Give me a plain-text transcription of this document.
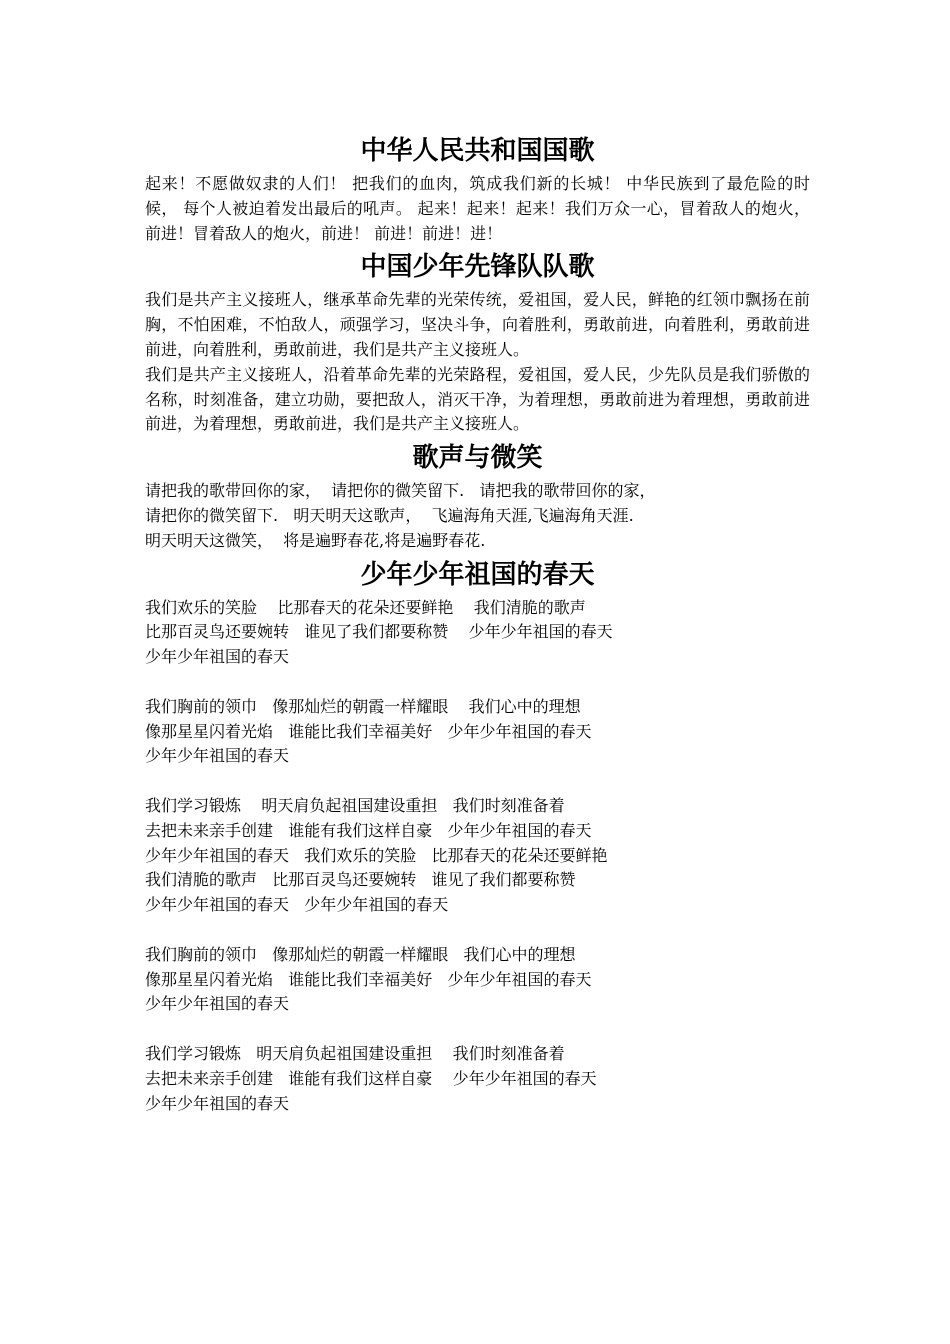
中华人民共和国国歌

起来！不愿做奴隶的人们！ 把我们的血肉，筑成我们新的长城！ 中华民族到了最危险的时候， 每个人被迫着发出最后的吼声。 起来！起来！起来！我们万众一心，冒着敌人的炮火，前进！冒着敌人的炮火，前进！ 前进！前进！进！

中国少年先锋队队歌

我们是共产主义接班人，继承革命先辈的光荣传统，爱祖国，爱人民，鲜艳的红领巾飘扬在前胸，不怕困难，不怕敌人，顽强学习，坚决斗争，向着胜利，勇敢前进，向着胜利，勇敢前进前进，向着胜利，勇敢前进，我们是共产主义接班人。

我们是共产主义接班人，沿着革命先辈的光荣路程，爱祖国，爱人民，少先队员是我们骄傲的名称，时刻准备，建立功勋，要把敌人，消灭干净，为着理想，勇敢前进为着理想，勇敢前进前进，为着理想，勇敢前进，我们是共产主义接班人。

歌声与微笑
请把我的歌带回你的家，  请把你的微笑留下.   请把我的歌带回你的家，
请把你的微笑留下.   明天明天这歌声，  飞遍海角天涯,飞遍海角天涯.
明天明天这微笑，  将是遍野春花,将是遍野春花.
少年少年祖国的春天
我们欢乐的笑脸    比那春天的花朵还要鲜艳    我们清脆的歌声
比那百灵鸟还要婉转   谁见了我们都要称赞    少年少年祖国的春天
少年少年祖国的春天
我们胸前的领巾   像那灿烂的朝霞一样耀眼    我们心中的理想
像那星星闪着光焰   谁能比我们幸福美好   少年少年祖国的春天
少年少年祖国的春天
我们学习锻炼    明天肩负起祖国建设重担   我们时刻准备着
去把未来亲手创建   谁能有我们这样自豪   少年少年祖国的春天
少年少年祖国的春天   我们欢乐的笑脸   比那春天的花朵还要鲜艳
我们清脆的歌声   比那百灵鸟还要婉转   谁见了我们都要称赞
少年少年祖国的春天   少年少年祖国的春天
我们胸前的领巾   像那灿烂的朝霞一样耀眼   我们心中的理想
像那星星闪着光焰   谁能比我们幸福美好   少年少年祖国的春天
少年少年祖国的春天
我们学习锻炼   明天肩负起祖国建设重担    我们时刻准备着
去把未来亲手创建   谁能有我们这样自豪    少年少年祖国的春天
少年少年祖国的春天
